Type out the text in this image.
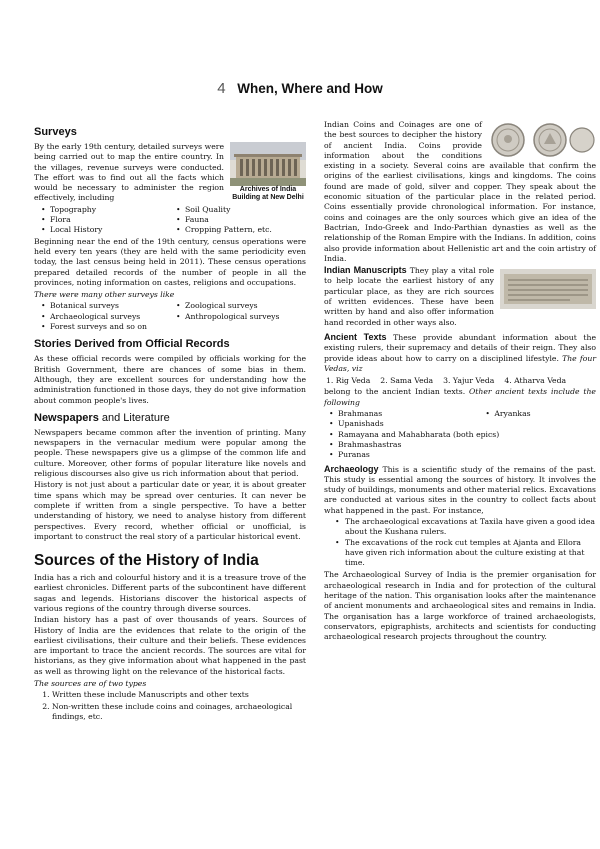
4 When, Where and How
Surveys
Archives of India Building at New Delhi

By the early 19th century, detailed surveys were being carried out to map the entire country. In the villages, revenue surveys were conducted. The effort was to find out all the facts which would be necessary to administer the region effectively, including

• Topography	• Soil Quality
• Flora	• Fauna
• Local History	• Cropping Pattern, etc.

Beginning near the end of the 19th century, census operations were held every ten years (they are held with the same periodicity even today, the last census being held in 2011). These census operations prepared detailed records of the number of people in all the provinces, noting information on castes, religions and occupations.

There were many other surveys like
• Botanical surveys	• Zoological surveys
• Archaeological surveys	• Anthropological surveys
• Forest surveys and so on
Stories Derived from Official Records

As these official records were compiled by officials working for the British Government, there are chances of some bias in them. Although, they are excellent sources for understanding how the administration functioned in those days, they do not give information about common people's lives.

Newspapers and Literature

Newspapers became common after the invention of printing. Many newspapers in the vernacular medium were popular among the people. These newspapers give us a glimpse of the common life and culture. Moreover, other forms of popular literature like novels and religious discourses also give us rich information about that period.

History is not just about a particular date or year, it is about greater time spans which may be spread over centuries. It can never be complete if written from a single perspective. To have a better understanding of history, we need to analyse history from different perspectives. Every record, whether official or unofficial, is important to construct the real story of a particular historical event.

Sources of the History of India

India has a rich and colourful history and it is a treasure trove of the earliest chronicles. Different parts of the subcontinent have different sagas and legends. Historians discover the historical aspects of various regions of the country through diverse sources.

Indian history has a past of over thousands of years. Sources of History of India are the evidences that relate to the origin of the earliest civilisations, their culture and their beliefs. These evidences are important to trace the ancient records. The sources are vital for historians, as they give information about what happened in the past as well as throwing light on the relevance of the historical facts.

The sources are of two types
1. Written these include Manuscripts and other texts
2. Non-written these include coins and coinages, archaeological findings, etc.

Indian Coins and Coinages are one of the best sources to decipher the history of ancient India. Coins provide information about the conditions existing in a society. Several coins are available that confirm the origins of the earliest civilisations, kings and kingdoms. The coins found are made of gold, silver and copper. They speak about the economic situation of the particular place in the related period. Coins essentially provide chronological information. For instance, coins and coinages are the only sources which give an idea of the Bactrian, Indo-Greek and Indo-Parthian dynasties as well as the relationship of the Roman Empire with the Indians. In addition, coins also provide information about Hellenistic art and the coin artistry of India.

Indian Manuscripts They play a vital role to help locate the earliest history of any particular place, as they are rich sources of written evidences. These have been written by hand and also offer information hand recorded in other ways also.

Ancient Texts These provide abundant information about the existing rulers, their supremacy and details of their reign. They also provide ideas about how to carry on a disciplined lifestyle. The four Vedas, viz

1. Rig Veda 2. Sama Veda 3. Yajur Veda 4. Atharva Veda

belong to the ancient Indian texts. Other ancient texts include the following

• Brahmanas	• Aryankas
• Upanishads
• Ramayana and Mahabharata (both epics)
• Brahmashastras
• Puranas

Archaeology This is a scientific study of the remains of the past. This study is essential among the sources of history. It involves the study of buildings, monuments and other material relics. Excavations are conducted at various sites in the country to collect facts about what happened in the past. For instance,

• The archaeological excavations at Taxila have given a good idea about the Kushana rulers.
• The excavations of the rock cut temples at Ajanta and Ellora have given rich information about the culture existing at that time.

The Archaeological Survey of India is the premier organisation for archaeological research in India and for protection of the cultural heritage of the nation. This organisation looks after the maintenance of ancient monuments and archaeological sites and remains in India. The organisation has a large workforce of trained archaeologists, conservators, epigraphists, architects and scientists for conducting archaeological research projects throughout the country.
